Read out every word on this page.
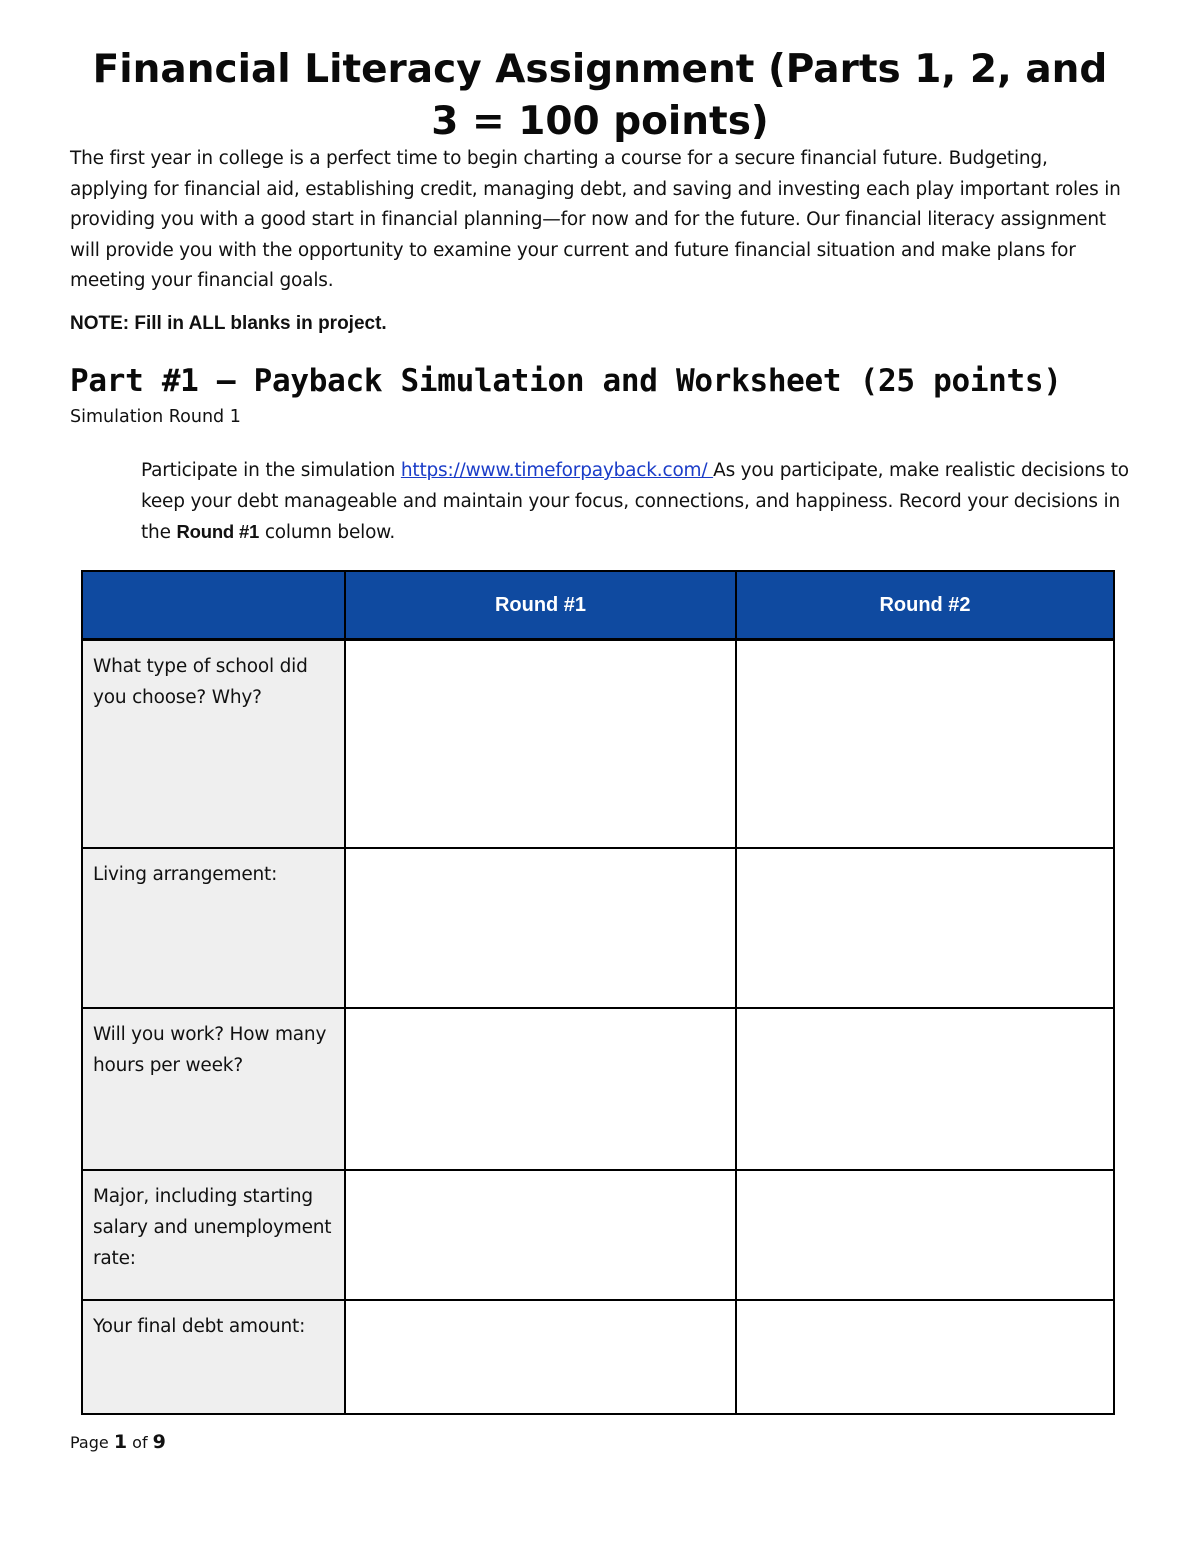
Financial Literacy Assignment (Parts 1, 2, and 3 = 100 points)

The first year in college is a perfect time to begin charting a course for a secure financial future. Budgeting, applying for financial aid, establishing credit, managing debt, and saving and investing each play important roles in providing you with a good start in financial planning—for now and for the future. Our financial literacy assignment will provide you with the opportunity to examine your current and future financial situation and make plans for meeting your financial goals.

NOTE: Fill in ALL blanks in project.

Part #1 – Payback Simulation and Worksheet (25 points)

Simulation Round 1

Participate in the simulation https://www.timeforpayback.com/ As you participate, make realistic decisions to keep your debt manageable and maintain your focus, connections, and happiness. Record your decisions in the Round #1 column below.

	Round #1	Round #2
What type of school did you choose? Why?		
Living arrangement:		
Will you work? How many hours per week?		
Major, including starting salary and unemployment rate:		
Your final debt amount:		

Page 1 of 9
